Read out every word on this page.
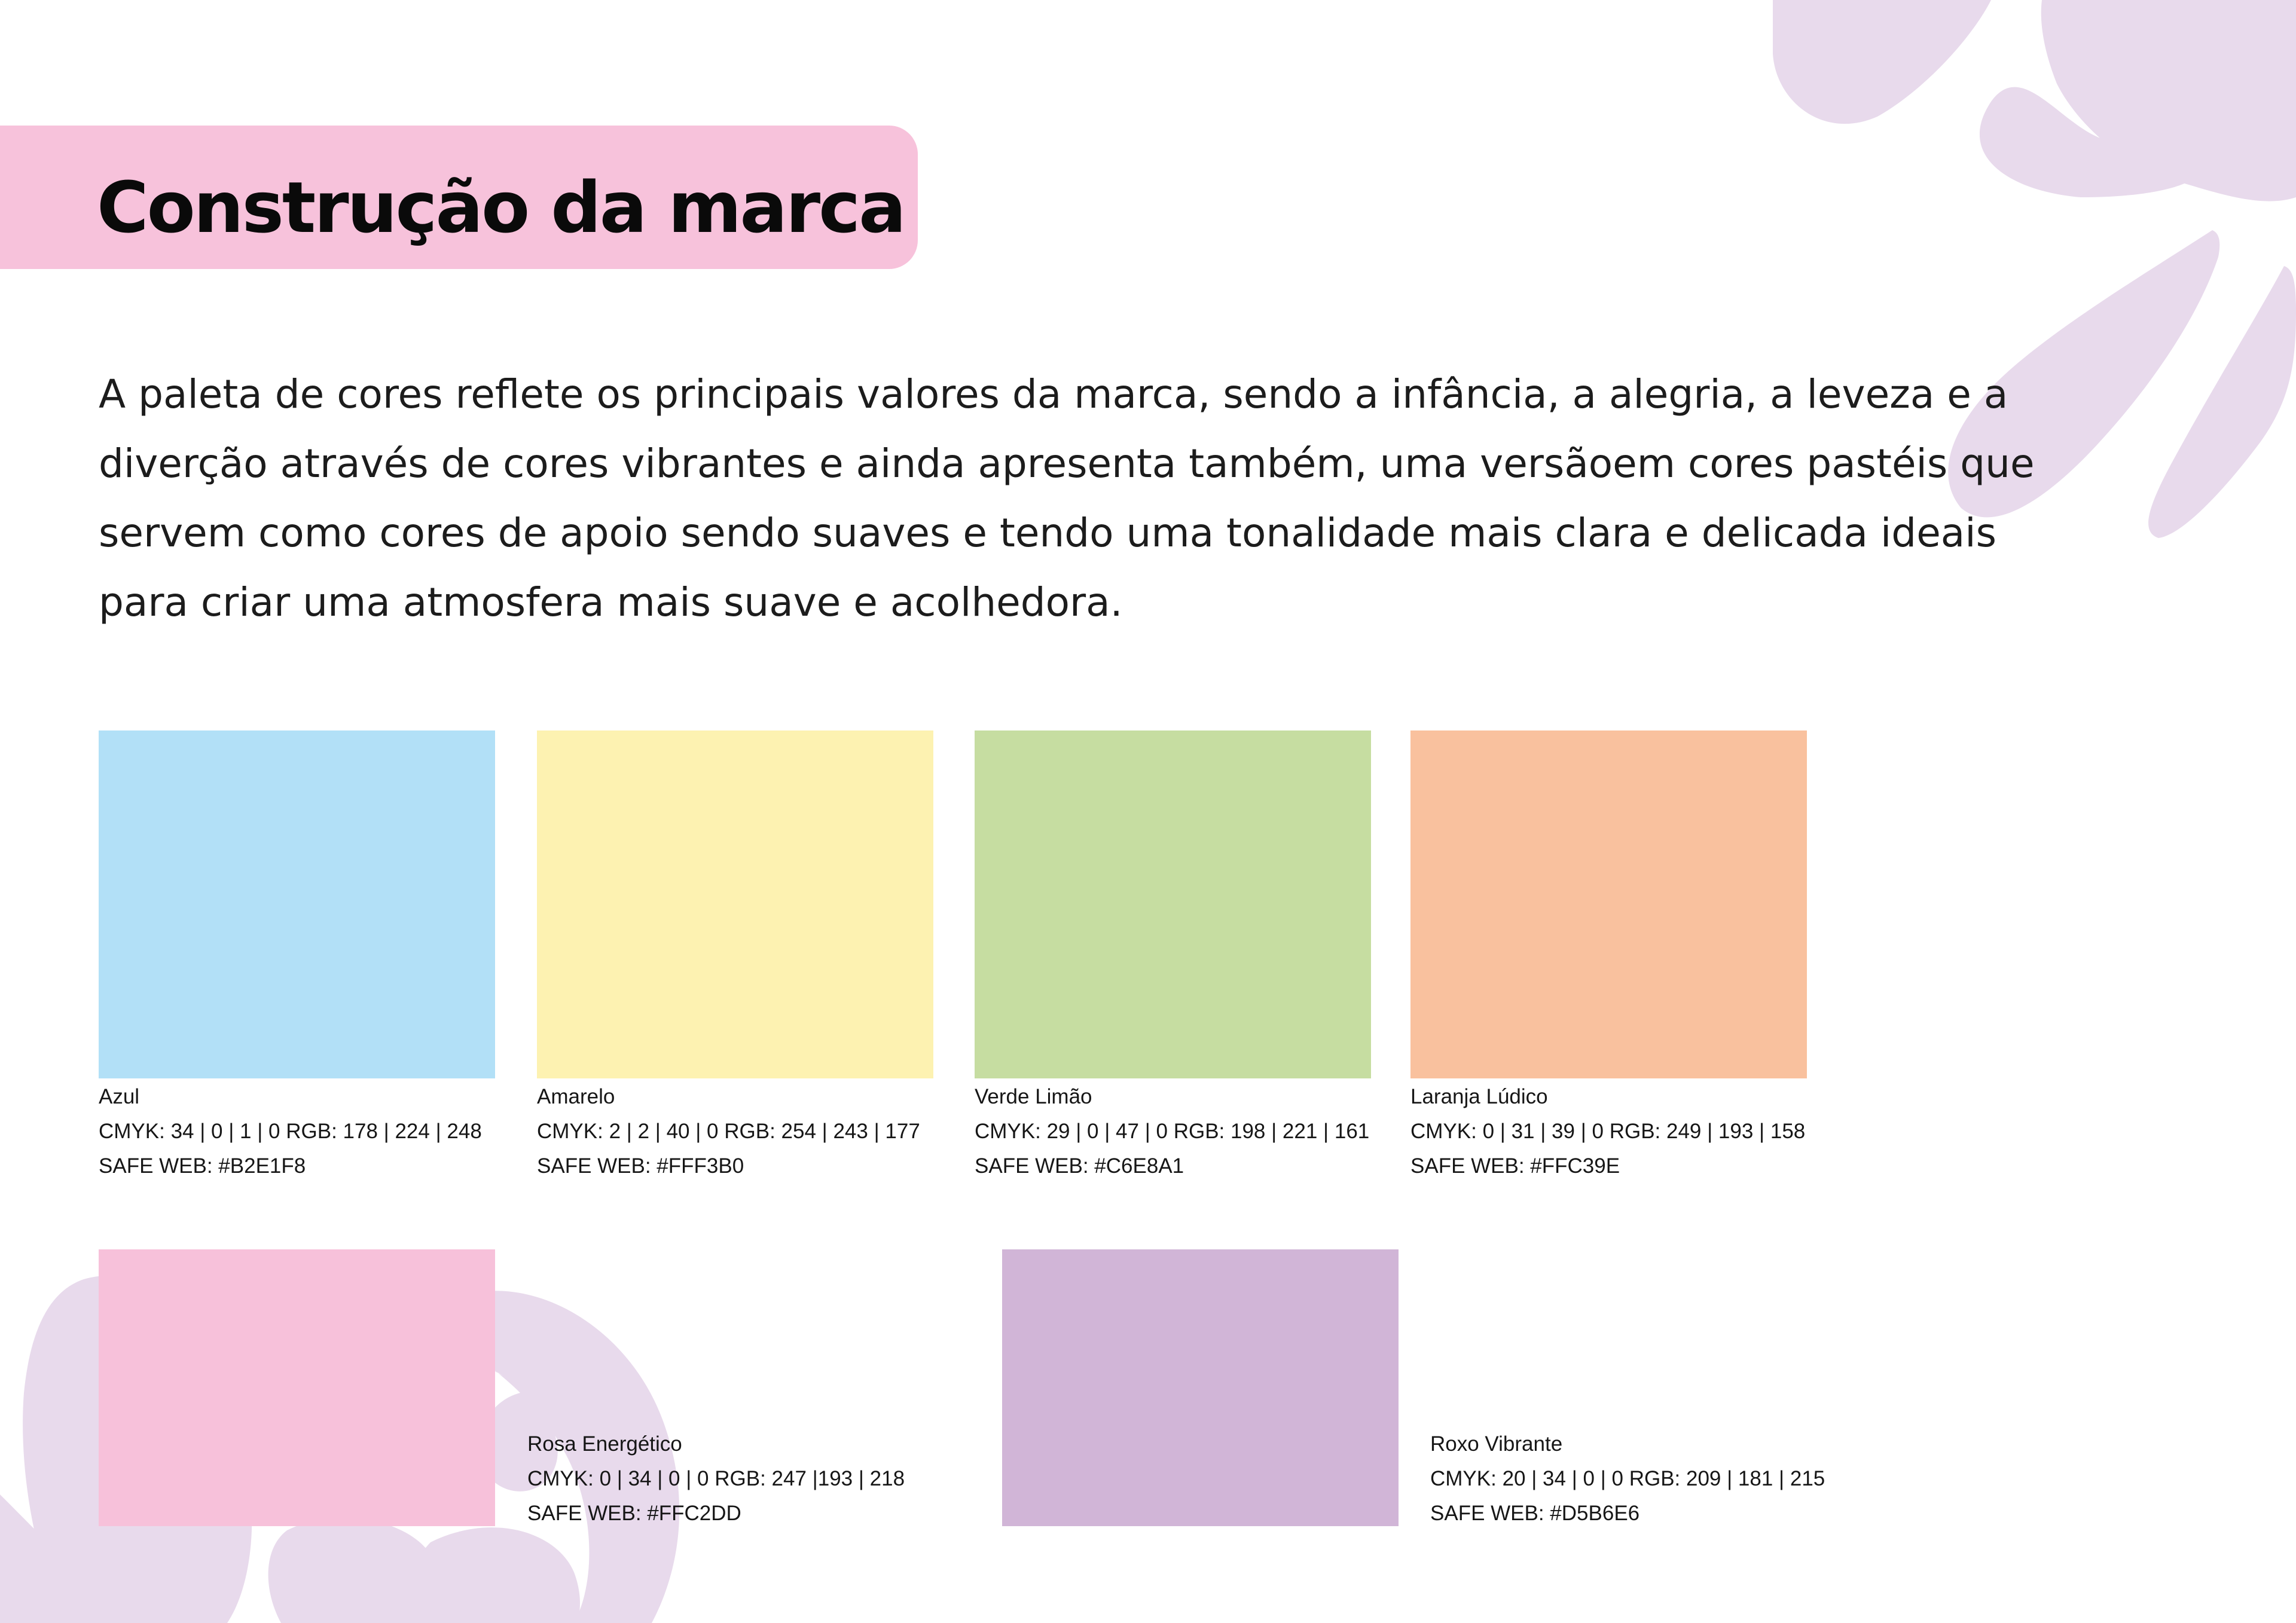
Construção da marca

A paleta de cores reflete os principais valores da marca, sendo a infância, a alegria, a leveza e a diverção através de cores vibrantes e ainda apresenta também, uma versãoem cores pastéis que servem como cores de apoio sendo suaves e tendo uma tonalidade mais clara e delicada ideais para criar uma atmosfera mais suave e acolhedora.

Azul
CMYK: 34 | 0 | 1 | 0 RGB: 178 | 224 | 248
SAFE WEB: #B2E1F8
Amarelo
CMYK: 2 | 2 | 40 | 0 RGB: 254 | 243 | 177
SAFE WEB: #FFF3B0
Verde Limão
CMYK: 29 | 0 | 47 | 0 RGB: 198 | 221 | 161
SAFE WEB: #C6E8A1
Laranja Lúdico
CMYK: 0 | 31 | 39 | 0 RGB: 249 | 193 | 158
SAFE WEB: #FFC39E
Rosa Energético
CMYK: 0 | 34 | 0 | 0 RGB: 247 |193 | 218
SAFE WEB: #FFC2DD
Roxo Vibrante
CMYK: 20 | 34 | 0 | 0 RGB: 209 | 181 | 215
SAFE WEB: #D5B6E6
